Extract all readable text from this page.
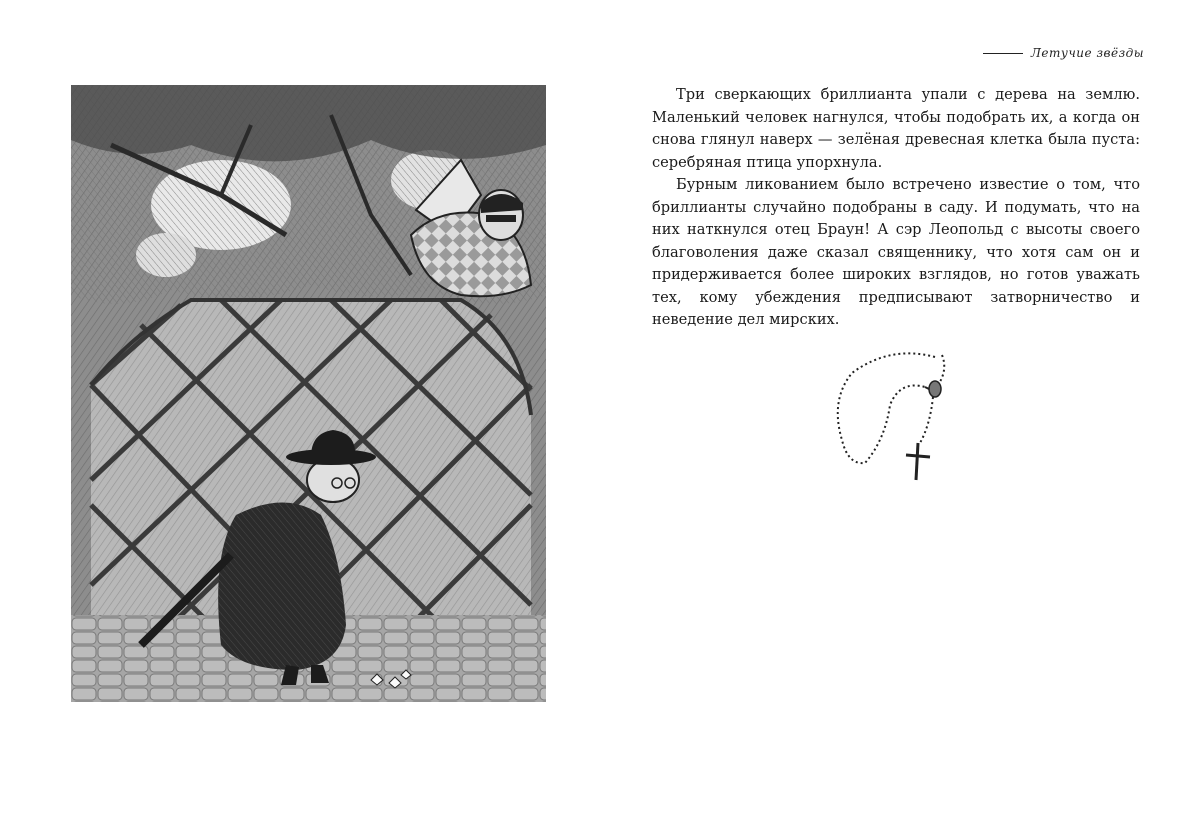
Летучие звёзды

Три сверкающих бриллианта упали с дерева на землю. Маленький человек нагнулся, чтобы подобрать их, а когда он снова глянул наверх — зелёная древесная клетка была пуста: серебряная птица упорхнула.

Бурным ликованием было встречено известие о том, что бриллианты случайно подобраны в саду. И подумать, что на них наткнулся отец Браун! А сэр Леопольд с высоты своего благоволения даже сказал священнику, что хотя сам он и придерживается более широких взглядов, но готов уважать тех, кому убеждения предписывают затворничество и неведение дел мирских.
